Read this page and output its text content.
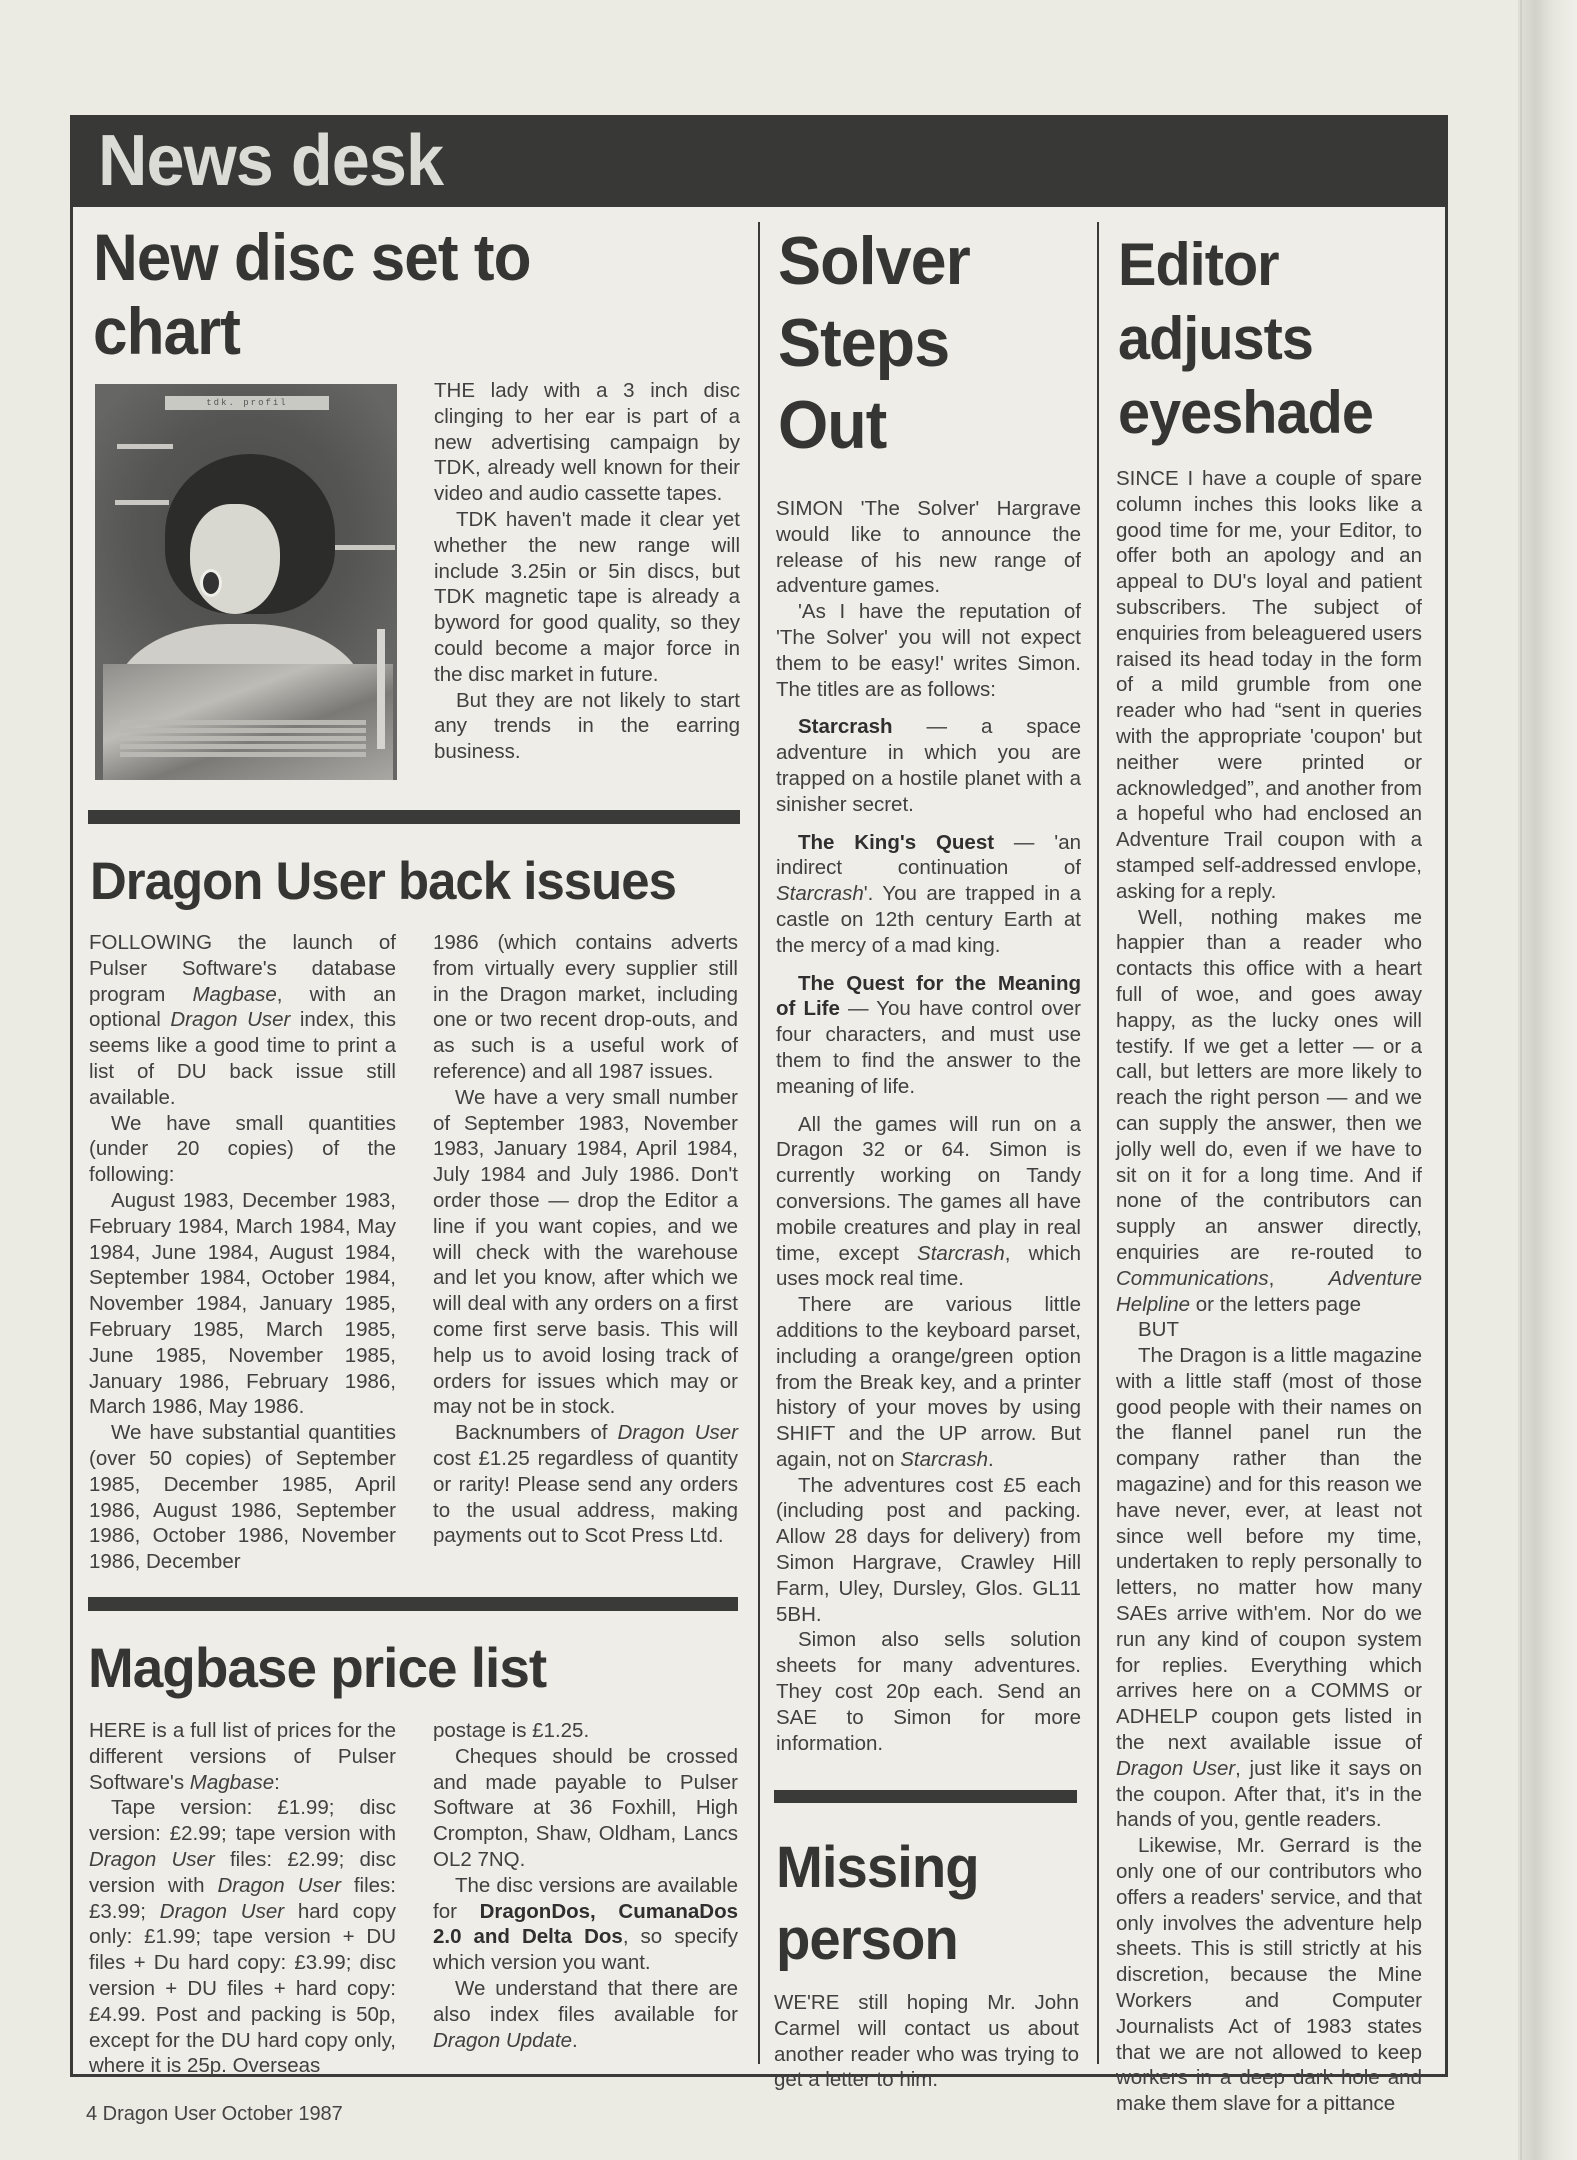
News desk
New disc set to
chart
tdk. profil kompatibla.

THE lady with a 3 inch disc clinging to her ear is part of a new advertising campaign by TDK, already well known for their video and audio cassette tapes.

TDK haven't made it clear yet whether the new range will include 3.25in or 5in discs, but TDK magnetic tape is already a byword for good quality, so they could become a major force in the disc market in future.

But they are not likely to start any trends in the earring business.

Dragon User back issues

FOLLOWING the launch of Pulser Software's database program Magbase, with an optional Dragon User index, this seems like a good time to print a list of DU back issue still available.

We have small quantities (under 20 copies) of the following:

August 1983, December 1983, February 1984, March 1984, May 1984, June 1984, August 1984, September 1984, October 1984, November 1984, January 1985, February 1985, March 1985, June 1985, November 1985, January 1986, February 1986, March 1986, May 1986.

We have substantial quantities (over 50 copies) of September 1985, December 1985, April 1986, August 1986, September 1986, October 1986, November 1986, December

1986 (which contains adverts from virtually every supplier still in the Dragon market, including one or two recent drop-outs, and as such is a useful work of reference) and all 1987 issues.

We have a very small number of September 1983, November 1983, January 1984, April 1984, July 1984 and July 1986. Don't order those — drop the Editor a line if you want copies, and we will check with the warehouse and let you know, after which we will deal with any orders on a first come first serve basis. This will help us to avoid losing track of orders for issues which may or may not be in stock.

Backnumbers of Dragon User cost £1.25 regardless of quantity or rarity! Please send any orders to the usual address, making payments out to Scot Press Ltd.

Magbase price list

HERE is a full list of prices for the different versions of Pulser Software's Magbase:

Tape version: £1.99; disc version: £2.99; tape version with Dragon User files: £2.99; disc version with Dragon User files: £3.99; Dragon User hard copy only: £1.99; tape version + DU files + Du hard copy: £3.99; disc version + DU files + hard copy: £4.99. Post and packing is 50p, except for the DU hard copy only, where it is 25p. Overseas

postage is £1.25.

Cheques should be crossed and made payable to Pulser Software at 36 Foxhill, High Crompton, Shaw, Oldham, Lancs OL2 7NQ.

The disc versions are available for DragonDos, CumanaDos 2.0 and Delta Dos, so specify which version you want.

We understand that there are also index files available for Dragon Update.

Solver
Steps
Out

SIMON 'The Solver' Hargrave would like to announce the release of his new range of adventure games.

'As I have the reputation of 'The Solver' you will not expect them to be easy!' writes Simon. The titles are as follows:

Starcrash — a space adventure in which you are trapped on a hostile planet with a sinisher secret.

The King's Quest — 'an indirect continuation of Starcrash'. You are trapped in a castle on 12th century Earth at the mercy of a mad king.

The Quest for the Meaning of Life — You have control over four characters, and must use them to find the answer to the meaning of life.

All the games will run on a Dragon 32 or 64. Simon is currently working on Tandy conversions. The games all have mobile creatures and play in real time, except Starcrash, which uses mock real time.

There are various little additions to the keyboard parset, including a orange/green option from the Break key, and a printer history of your moves by using SHIFT and the UP arrow. But again, not on Starcrash.

The adventures cost £5 each (including post and packing. Allow 28 days for delivery) from Simon Hargrave, Crawley Hill Farm, Uley, Dursley, Glos. GL11 5BH.

Simon also sells solution sheets for many adventures. They cost 20p each. Send an SAE to Simon for more information.

Missing
person

WE'RE still hoping Mr. John Carmel will contact us about another reader who was trying to get a letter to him.

Editor
adjusts
eyeshade

SINCE I have a couple of spare column inches this looks like a good time for me, your Editor, to offer both an apology and an appeal to DU's loyal and patient subscribers. The subject of enquiries from beleaguered users raised its head today in the form of a mild grumble from one reader who had “sent in queries with the appropriate 'coupon' but neither were printed or acknowledged”, and another from a hopeful who had enclosed an Adventure Trail coupon with a stamped self-addressed envlope, asking for a reply.

Well, nothing makes me happier than a reader who contacts this office with a heart full of woe, and goes away happy, as the lucky ones will testify. If we get a letter — or a call, but letters are more likely to reach the right person — and we can supply the answer, then we jolly well do, even if we have to sit on it for a long time. And if none of the contributors can supply an answer directly, enquiries are re-routed to Communications, Adventure Helpline or the letters page

BUT

The Dragon is a little magazine with a little staff (most of those good people with their names on the flannel panel run the company rather than the magazine) and for this reason we have never, ever, at least not since well before my time, undertaken to reply personally to letters, no matter how many SAEs arrive with'em. Nor do we run any kind of coupon system for replies. Everything which arrives here on a COMMS or ADHELP coupon gets listed in the next available issue of Dragon User, just like it says on the coupon. After that, it's in the hands of you, gentle readers.

Likewise, Mr. Gerrard is the only one of our contributors who offers a readers' service, and that only involves the adventure help sheets. This is still strictly at his discretion, because the Mine Workers and Computer Journalists Act of 1983 states that we are not allowed to keep workers in a deep dark hole and make them slave for a pittance

4 Dragon User October 1987
